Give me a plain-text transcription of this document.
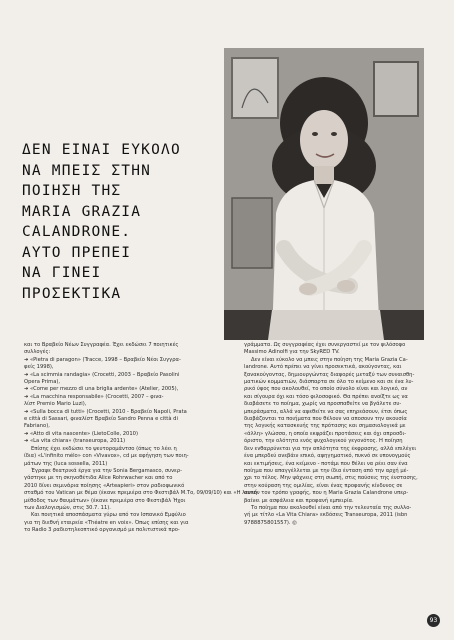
ΔΕΝ ΕΙΝΑΙ ΕΥΚΟΛΟ
ΝΑ ΜΠΕΙΣ ΣΤΗΝ
ΠΟΙΗΣΗ ΤΗΣ
MARIA GRAZIA
CALANDRONE.
ΑΥΤΟ ΠΡΕΠΕΙ
ΝΑ ΓΙΝΕΙ
ΠΡΟΣΕΚΤΙΚΑ
και το Βραβείο Νέων Συγγραφέα. Έχει εκδώσει 7 ποιητικές
συλλογές:
➜ «Pietra di paragon» (Tracce, 1998 – Βραβείο Νέοι Συγγρα-
φείς 1998),
➜ «La scimmia randagia» (Crocetti, 2003 – Βραβείο Pasolini
Opera Prima),
➜ «Come per mezzo di una briglia ardente» (Atelier, 2005),
➜ «La macchina responsabile» (Crocetti, 2007 – φινα-
λίστ Premio Mario Luzi),
➜ «Sulla bocca di tutti» (Crocetti, 2010 - Βραβείο Napoli, Prata
e città di Sassari, φιναλίστ Βραβείο Sandro Penna e città di
Fabriano),
➜ «Atto di vita nascente» (LietoColle, 2010)
➜ «La vita chiara» (transeuropa, 2011)
Επίσης έχει εκδώσει το ψευτορομάντσο (όπως το λέει η
ίδια) «L'infinito mélo» con «Vivavox», cd με αφήγηση των ποιη-
μάτων της (luca sossella, 2011)
Έγραψε θεατρικά έργα για την Sonia Bergamasco, συνερ-
γάστηκε με τη σκηνοθέτιδα Alice Rohrwacher και από το
2010 δίνει σεμινάρια ποίησης «Arteapieri» στον ραδιοφωνικό
σταθμό του Vatican με θέμα (έκανε πρεμιέρα στο Φεστιβάλ Μ.Το, 09/09/10) και «Η λευκή
μέθοδος των θαυμάτων» (έκανε πρεμιέρα στο Φεστιβάλ Ήχοι
των Διαλογισμών, στις 30.7. 11).
Και ποιητικά αποσπάσματα γύρω από τον Ισπανικό Εμφύλιο
για τη διεθνή εταιρεία «Théatre en voix». Όπως επίσης και για
το Radio 3 ραδιοτηλεοπτικό οργανισμό με πολιτιστικά προ-
γράμματα. Ως συγγραφέας έχει συνεργαστεί με τον φιλόσοφο
Massimo Adinolfi για την SkyRED TV.
Δεν είναι εύκολο να μπεις στην ποίηση της Maria Grazia Ca-
landrone. Αυτό πρέπει να γίνει προσεκτικά, ακούγοντας, και
ξανακούγοντας, δημιουργώντας διαφορές μεταξύ των συναισθη-
ματικών κομματιών, διάσπαρτα σε όλο το κείμενο και σε ένα λυ-
ρικό ύφος που ακολουθεί, το οποίο σύνολο είναι και λογικό, αν
και σίγουρα όχι και τόσο φιλοσοφικό. Θα πρέπει ανοίξτε ως να
διαβάσετε το ποίημα, χωρίς να προσπαθείτε να βγάλετε συ-
μπεράσματα, αλλά να αφεθείτε να σας επηρεάσουν, έτσι όπως
διαβάζονται τα ποιήματα που θέλουν να αποσουν την ακουσία
της λογικής κατασκευής της πρότασης και σημασιολογικά με
«άλλη» γλώσσα, η οποία εκφράζει προτάσεις και όχι απροσδι-
όριστο, την ολότητα ενός ψυχολογικού γεγονότος. Η ποίηση
δεν ενθαρρύνεται για την απλότητα της έκφρασης, αλλά επιλέγει
ένα μπερδεύ ανεβάιν επικό, αφηγηματικό, πυκνό σε υπονογμούς
και εκτιμήσεις, ένα κείμενο - ποτάμι που θέλει να ρέει σαν ένα
ποίημα που απαγγέλλεται με την ίδια ένταση από την αρχή μέ-
χρι το τέλος. Μην ψάχνεις στη σιωπή, στις παύσεις της ένστασης,
στην κούραση της ομιλίας, είναι ένας προφανής κίνδυνος σε
αυτόν τον τρόπο γραφής, που η Maria Grazia Calandrone υπερ-
βαίνει με ασφάλεια και προφανή εμπειρία.
Το ποίημα που ακολουθεί είναι από την τελευταία της συλλο-
γή με τίτλο «La Vita Chiara» εκδόσεις Transeuropa, 2011 (isbn
9788875801557). ◎
93
